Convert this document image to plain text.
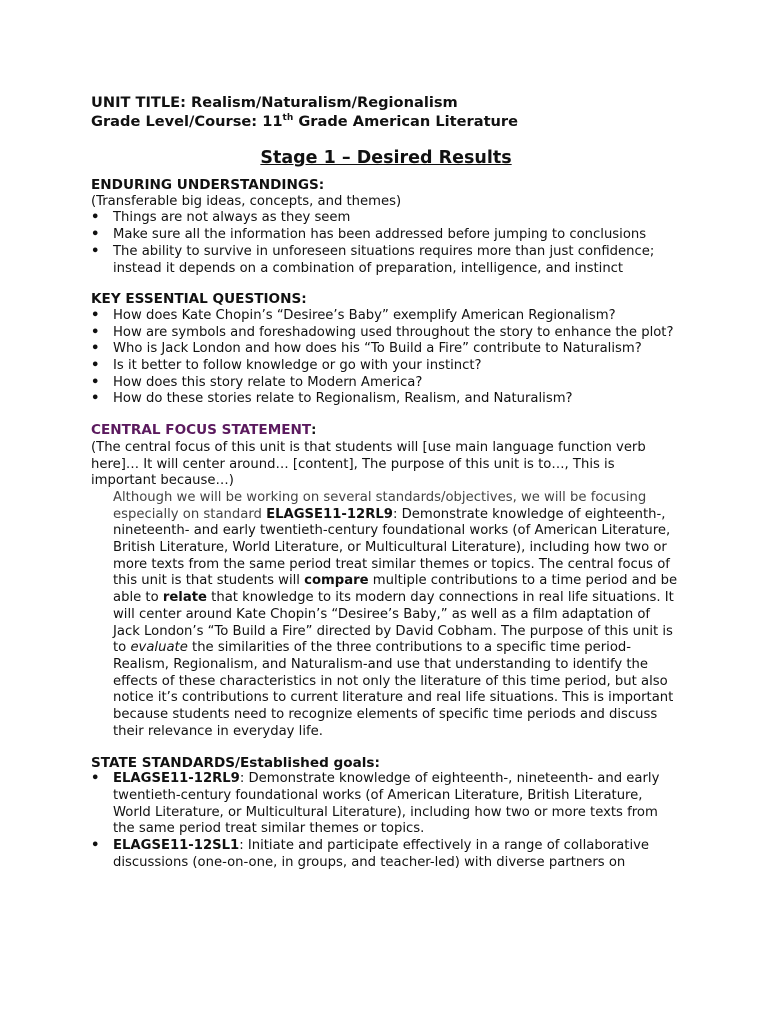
UNIT TITLE: Realism/Naturalism/Regionalism
Grade Level/Course: 11th Grade American Literature
Stage 1 – Desired Results
ENDURING UNDERSTANDINGS:
(Transferable big ideas, concepts, and themes)
• Things are not always as they seem
• Make sure all the information has been addressed before jumping to conclusions
• The ability to survive in unforeseen situations requires more than just confidence; instead it depends on a combination of preparation, intelligence, and instinct
KEY ESSENTIAL QUESTIONS:
• How does Kate Chopin’s “Desiree’s Baby” exemplify American Regionalism?
• How are symbols and foreshadowing used throughout the story to enhance the plot?
• Who is Jack London and how does his “To Build a Fire” contribute to Naturalism?
• Is it better to follow knowledge or go with your instinct?
• How does this story relate to Modern America?
• How do these stories relate to Regionalism, Realism, and Naturalism?
CENTRAL FOCUS STATEMENT:
(The central focus of this unit is that students will [use main language function verb here]… It will center around… [content], The purpose of this unit is to…, This is important because…)
Although we will be working on several standards/objectives, we will be focusing especially on standard ELAGSE11-12RL9: Demonstrate knowledge of eighteenth-, nineteenth- and early twentieth-century foundational works (of American Literature, British Literature, World Literature, or Multicultural Literature), including how two or more texts from the same period treat similar themes or topics. The central focus of this unit is that students will compare multiple contributions to a time period and be able to relate that knowledge to its modern day connections in real life situations. It will center around Kate Chopin’s “Desiree’s Baby,” as well as a film adaptation of Jack London’s “To Build a Fire” directed by David Cobham. The purpose of this unit is to evaluate the similarities of the three contributions to a specific time period-Realism, Regionalism, and Naturalism-and use that understanding to identify the effects of these characteristics in not only the literature of this time period, but also notice it’s contributions to current literature and real life situations. This is important because students need to recognize elements of specific time periods and discuss their relevance in everyday life.
STATE STANDARDS/Established goals:
• ELAGSE11-12RL9: Demonstrate knowledge of eighteenth-, nineteenth- and early twentieth-century foundational works (of American Literature, British Literature, World Literature, or Multicultural Literature), including how two or more texts from the same period treat similar themes or topics.
• ELAGSE11-12SL1: Initiate and participate effectively in a range of collaborative discussions (one-on-one, in groups, and teacher-led) with diverse partners on
